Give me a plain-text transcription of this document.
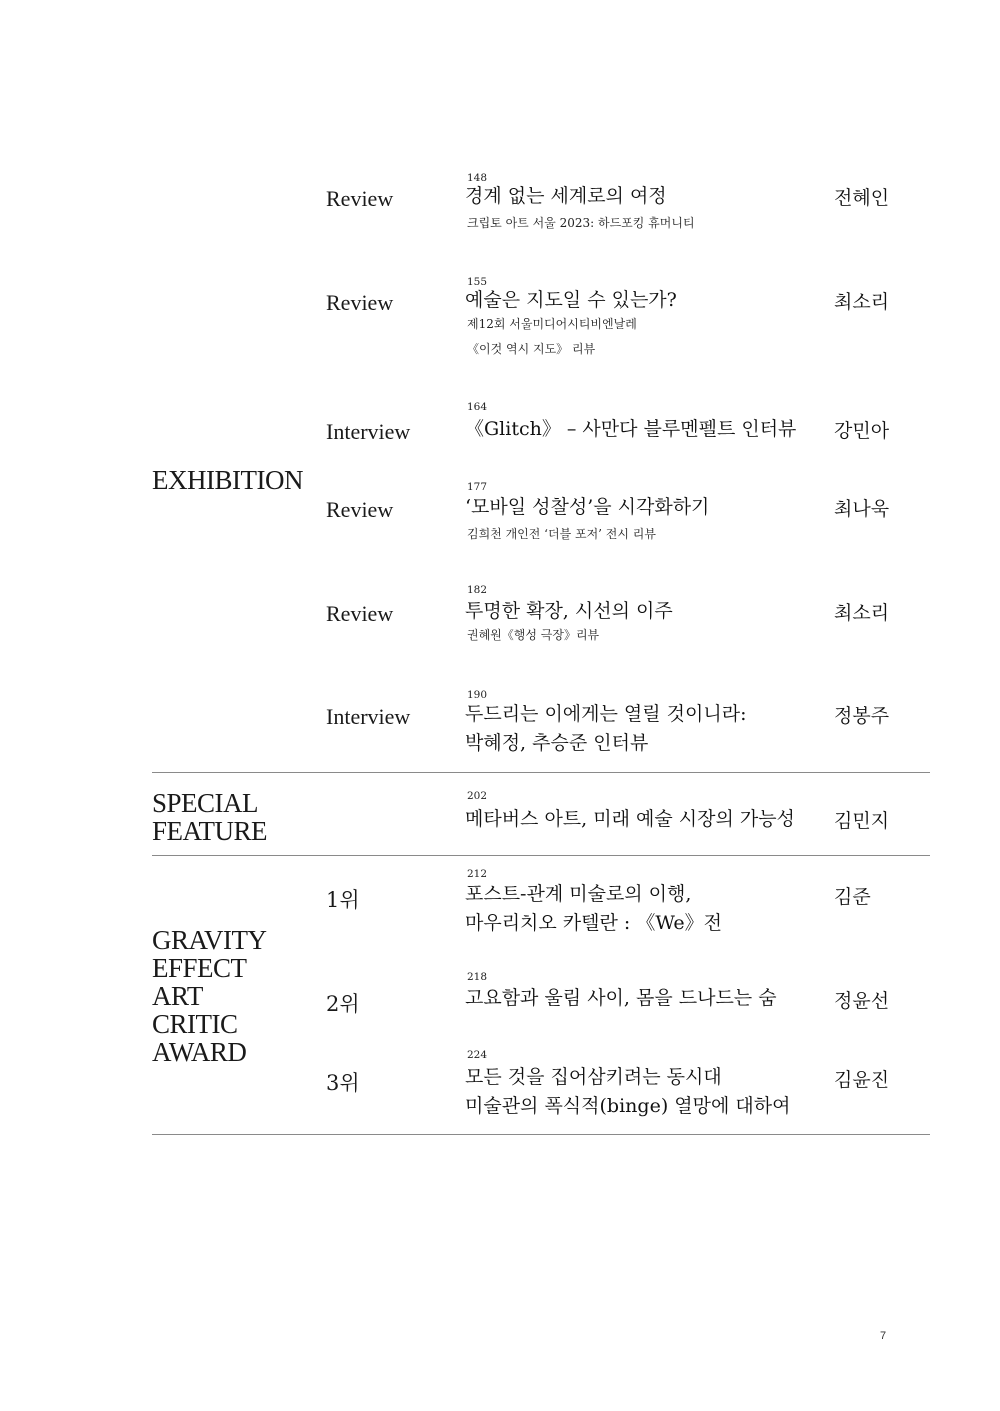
EXHIBITION
SPECIAL
FEATURE
GRAVITY
EFFECT
ART
CRITIC
AWARD
Review
148
경계 없는 세계로의 여정
크립토 아트 서울 2023: 하드포킹 휴머니티
전혜인
Review
155
예술은 지도일 수 있는가?
제12회 서울미디어시티비엔날레
《이것 역시 지도》 리뷰
최소리
Interview
164
《Glitch》 – 사만다 블루멘펠트 인터뷰 강민아
Review
177
‘모바일 성찰성’을 시각화하기
김희천 개인전 ‘더블 포저’ 전시 리뷰
최나욱
Review
182
투명한 확장, 시선의 이주
권혜원《행성 극장》리뷰
최소리
Interview
190
두드리는 이에게는 열릴 것이니라:
박혜정, 추승준 인터뷰
정봉주
202
메타버스 아트, 미래 예술 시장의 가능성 김민지
1위
212
포스트-관계 미술로의 이행,
마우리치오 카텔란 : 《We》전
김준
2위
218
고요함과 울림 사이, 몸을 드나드는 숨	정윤선
3위
224
모든 것을 집어삼키려는 동시대
미술관의 폭식적(binge) 열망에 대하여
김윤진
7
